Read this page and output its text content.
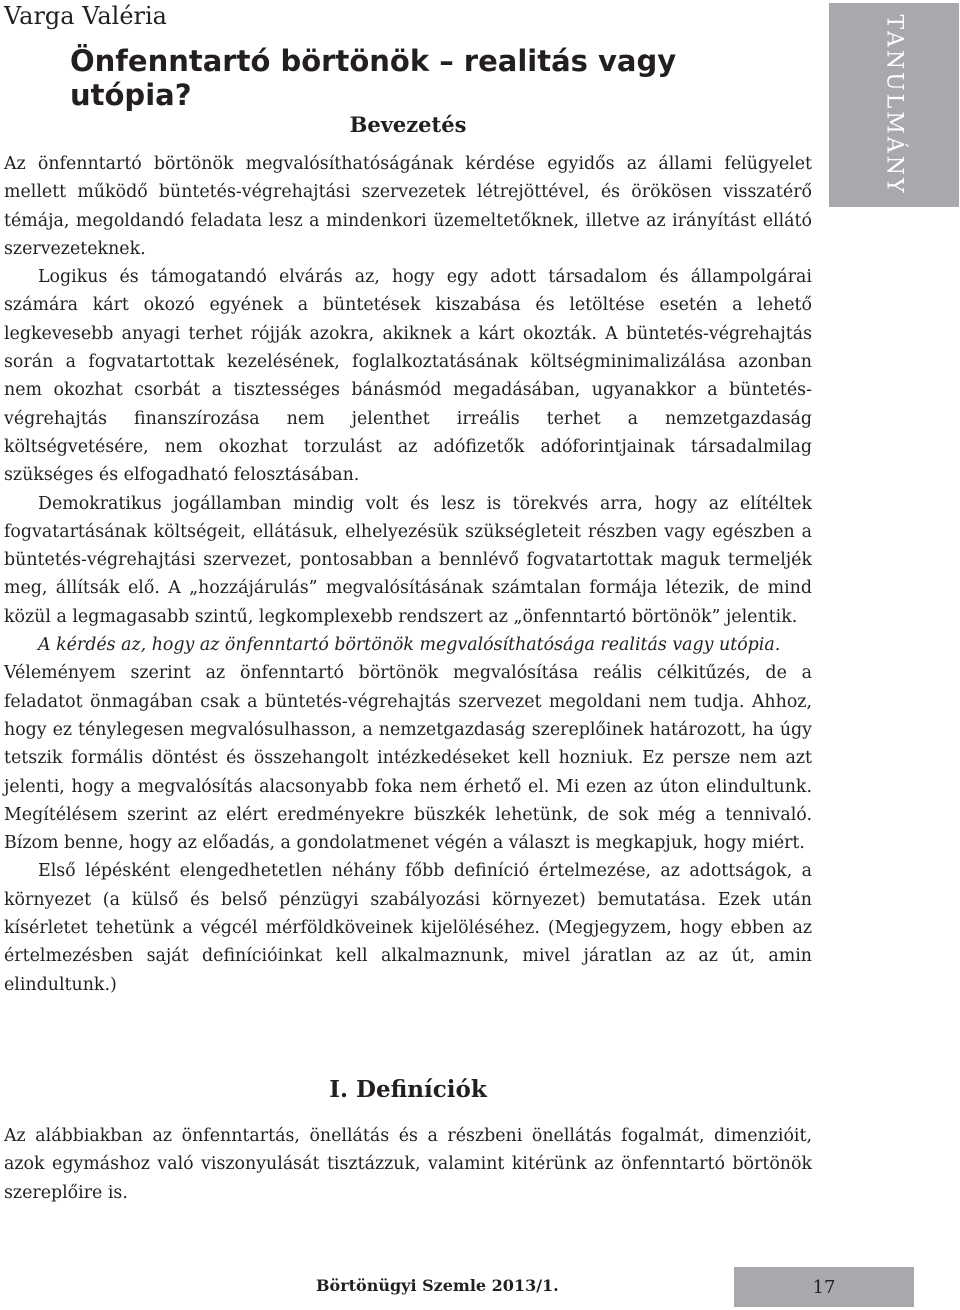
Varga Valéria
Önfenntartó börtönök – realitás vagy utópia?	TANULMÁNY
Bevezetés

Az önfenntartó börtönök megvalósíthatóságának kérdése egyidős az állami felügyelet mellett működő büntetés-végrehajtási szervezetek létrejöttével, és örökösen visszatérő témája, megoldandó feladata lesz a mindenkori üzemeltetőknek, illetve az irányítást ellátó szervezeteknek.

Logikus és támogatandó elvárás az, hogy egy adott társadalom és állampolgárai számára kárt okozó egyének a büntetések kiszabása és letöltése esetén a lehető legkevesebb anyagi terhet rójják azokra, akiknek a kárt okozták. A büntetés-végrehajtás során a fogvatartottak kezelésének, foglalkoztatásának költségminimalizálása azonban nem okozhat csorbát a tisztességes bánásmód megadásában, ugyanakkor a büntetés-végrehajtás finanszírozása nem jelenthet irreális terhet a nemzetgazdaság költségvetésére, nem okozhat torzulást az adófizetők adóforintjainak társadalmilag szükséges és elfogadható felosztásában.

Demokratikus jogállamban mindig volt és lesz is törekvés arra, hogy az elítéltek fogvatartásának költségeit, ellátásuk, elhelyezésük szükségleteit részben vagy egészben a büntetés-végrehajtási szervezet, pontosabban a bennlévő fogvatartottak maguk termeljék meg, állítsák elő. A „hozzájárulás” megvalósításának számtalan formája létezik, de mind közül a legmagasabb szintű, legkomplexebb rendszert az „önfenntartó börtönök” jelentik.

A kérdés az, hogy az önfenntartó börtönök megvalósíthatósága realitás vagy utópia.

Véleményem szerint az önfenntartó börtönök megvalósítása reális célkitűzés, de a feladatot önmagában csak a büntetés-végrehajtás szervezet megoldani nem tudja. Ahhoz, hogy ez ténylegesen megvalósulhasson, a nemzetgazdaság szereplőinek határozott, ha úgy tetszik formális döntést és összehangolt intézkedéseket kell hozniuk. Ez persze nem azt jelenti, hogy a megvalósítás alacsonyabb foka nem érhető el. Mi ezen az úton elindultunk. Megítélésem szerint az elért eredményekre büszkék lehetünk, de sok még a tennivaló. Bízom benne, hogy az előadás, a gondolatmenet végén a választ is megkapjuk, hogy miért.

Első lépésként elengedhetetlen néhány főbb definíció értelmezése, az adottságok, a környezet (a külső és belső pénzügyi szabályozási környezet) bemutatása. Ezek után kísérletet tehetünk a végcél mérföldköveinek kijelöléséhez. (Megjegyzem, hogy ebben az értelmezésben saját definícióinkat kell alkalmaznunk, mivel járatlan az az út, amin elindultunk.)

I. Definíciók

Az alábbiakban az önfenntartás, önellátás és a részbeni önellátás fogalmát, dimenzióit, azok egymáshoz való viszonyulását tisztázzuk, valamint kitérünk az önfenntartó börtönök szereplőire is.

Börtönügyi Szemle 2013/1.	17
